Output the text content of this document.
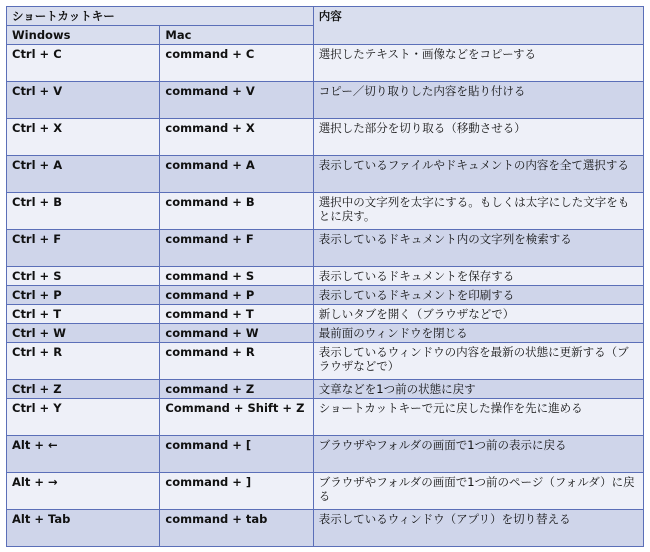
ショートカットキー		内容
Windows	Mac	
Ctrl + C	command + C	選択したテキスト・画像などをコピーする
Ctrl + V	command + V	コピー／切り取りした内容を貼り付ける
Ctrl + X	command + X	選択した部分を切り取る（移動させる）
Ctrl + A	command + A	表示しているファイルやドキュメントの内容を全て選択する
Ctrl + B	command + B	選択中の文字列を太字にする。もしくは太字にした文字をもとに戻す。
Ctrl + F	command + F	表示しているドキュメント内の文字列を検索する
Ctrl + S	command + S	表示しているドキュメントを保存する
Ctrl + P	command + P	表示しているドキュメントを印刷する
Ctrl + T	command + T	新しいタブを開く（ブラウザなどで）
Ctrl + W	command + W	最前面のウィンドウを閉じる
Ctrl + R	command + R	表示しているウィンドウの内容を最新の状態に更新する（ブラウザなどで）
Ctrl + Z	command + Z	文章などを1つ前の状態に戻す
Ctrl + Y	Command + Shift + Z	ショートカットキーで元に戻した操作を先に進める
Alt + ←	command + [	ブラウザやフォルダの画面で1つ前の表示に戻る
Alt + →	command + ]	ブラウザやフォルダの画面で1つ前のページ（フォルダ）に戻る
Alt + Tab	command + tab	表示しているウィンドウ（アプリ）を切り替える
